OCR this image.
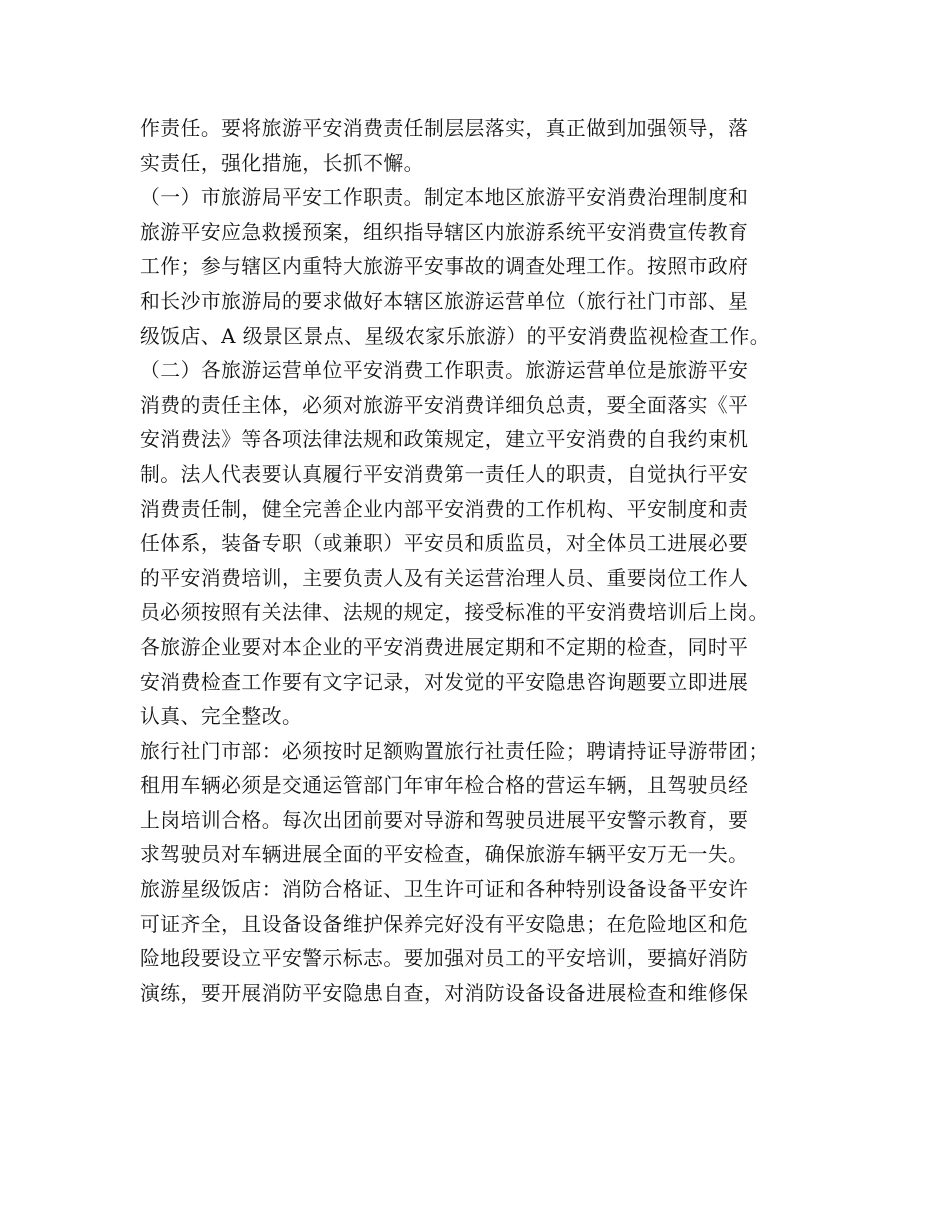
作责任。要将旅游平安消费责任制层层落实，真正做到加强领导，落
实责任，强化措施，长抓不懈。
（一）市旅游局平安工作职责。制定本地区旅游平安消费治理制度和
旅游平安应急救援预案，组织指导辖区内旅游系统平安消费宣传教育
工作；参与辖区内重特大旅游平安事故的调查处理工作。按照市政府
和长沙市旅游局的要求做好本辖区旅游运营单位（旅行社门市部、星
级饭店、A 级景区景点、星级农家乐旅游）的平安消费监视检查工作。
（二）各旅游运营单位平安消费工作职责。旅游运营单位是旅游平安
消费的责任主体，必须对旅游平安消费详细负总责，要全面落实《平
安消费法》等各项法律法规和政策规定，建立平安消费的自我约束机
制。法人代表要认真履行平安消费第一责任人的职责，自觉执行平安
消费责任制，健全完善企业内部平安消费的工作机构、平安制度和责
任体系，装备专职（或兼职）平安员和质监员，对全体员工进展必要
的平安消费培训，主要负责人及有关运营治理人员、重要岗位工作人
员必须按照有关法律、法规的规定，接受标准的平安消费培训后上岗。
各旅游企业要对本企业的平安消费进展定期和不定期的检查，同时平
安消费检查工作要有文字记录，对发觉的平安隐患咨询题要立即进展
认真、完全整改。
旅行社门市部：必须按时足额购置旅行社责任险；聘请持证导游带团；
租用车辆必须是交通运管部门年审年检合格的营运车辆，且驾驶员经
上岗培训合格。每次出团前要对导游和驾驶员进展平安警示教育，要
求驾驶员对车辆进展全面的平安检查，确保旅游车辆平安万无一失。
旅游星级饭店：消防合格证、卫生许可证和各种特别设备设备平安许
可证齐全，且设备设备维护保养完好没有平安隐患；在危险地区和危
险地段要设立平安警示标志。要加强对员工的平安培训，要搞好消防
演练，要开展消防平安隐患自查，对消防设备设备进展检查和维修保
